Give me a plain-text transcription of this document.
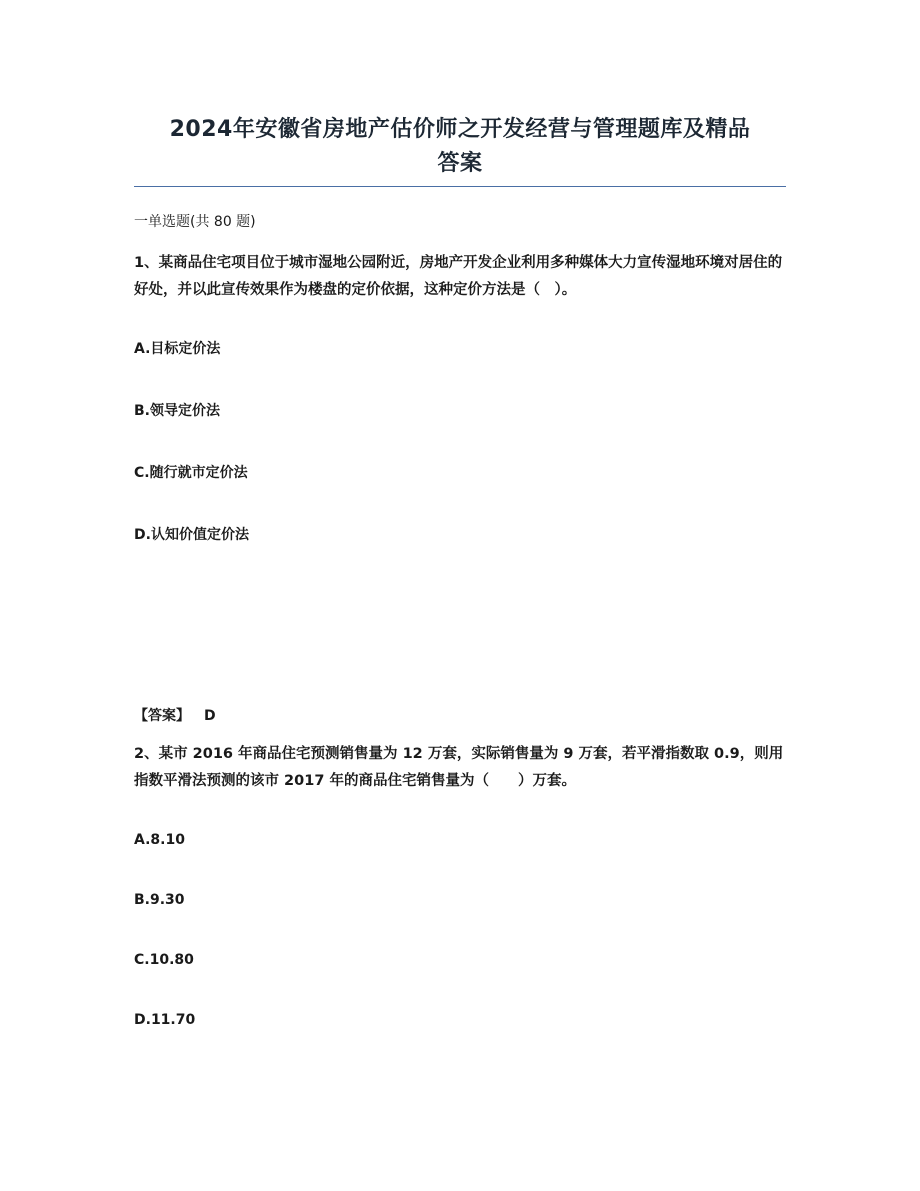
2024年安徽省房地产估价师之开发经营与管理题库及精品
答案
一单选题(共 80 题)
1、某商品住宅项目位于城市湿地公园附近，房地产开发企业利用多种媒体大力宣传湿地环境对居住的好处，并以此宣传效果作为楼盘的定价依据，这种定价方法是（　）。
A.目标定价法
B.领导定价法
C.随行就市定价法
D.认知价值定价法
【答案】 D
2、某市 2016 年商品住宅预测销售量为 12 万套，实际销售量为 9 万套，若平滑指数取 0.9，则用指数平滑法预测的该市 2017 年的商品住宅销售量为（　　）万套。
A.8.10
B.9.30
C.10.80
D.11.70
